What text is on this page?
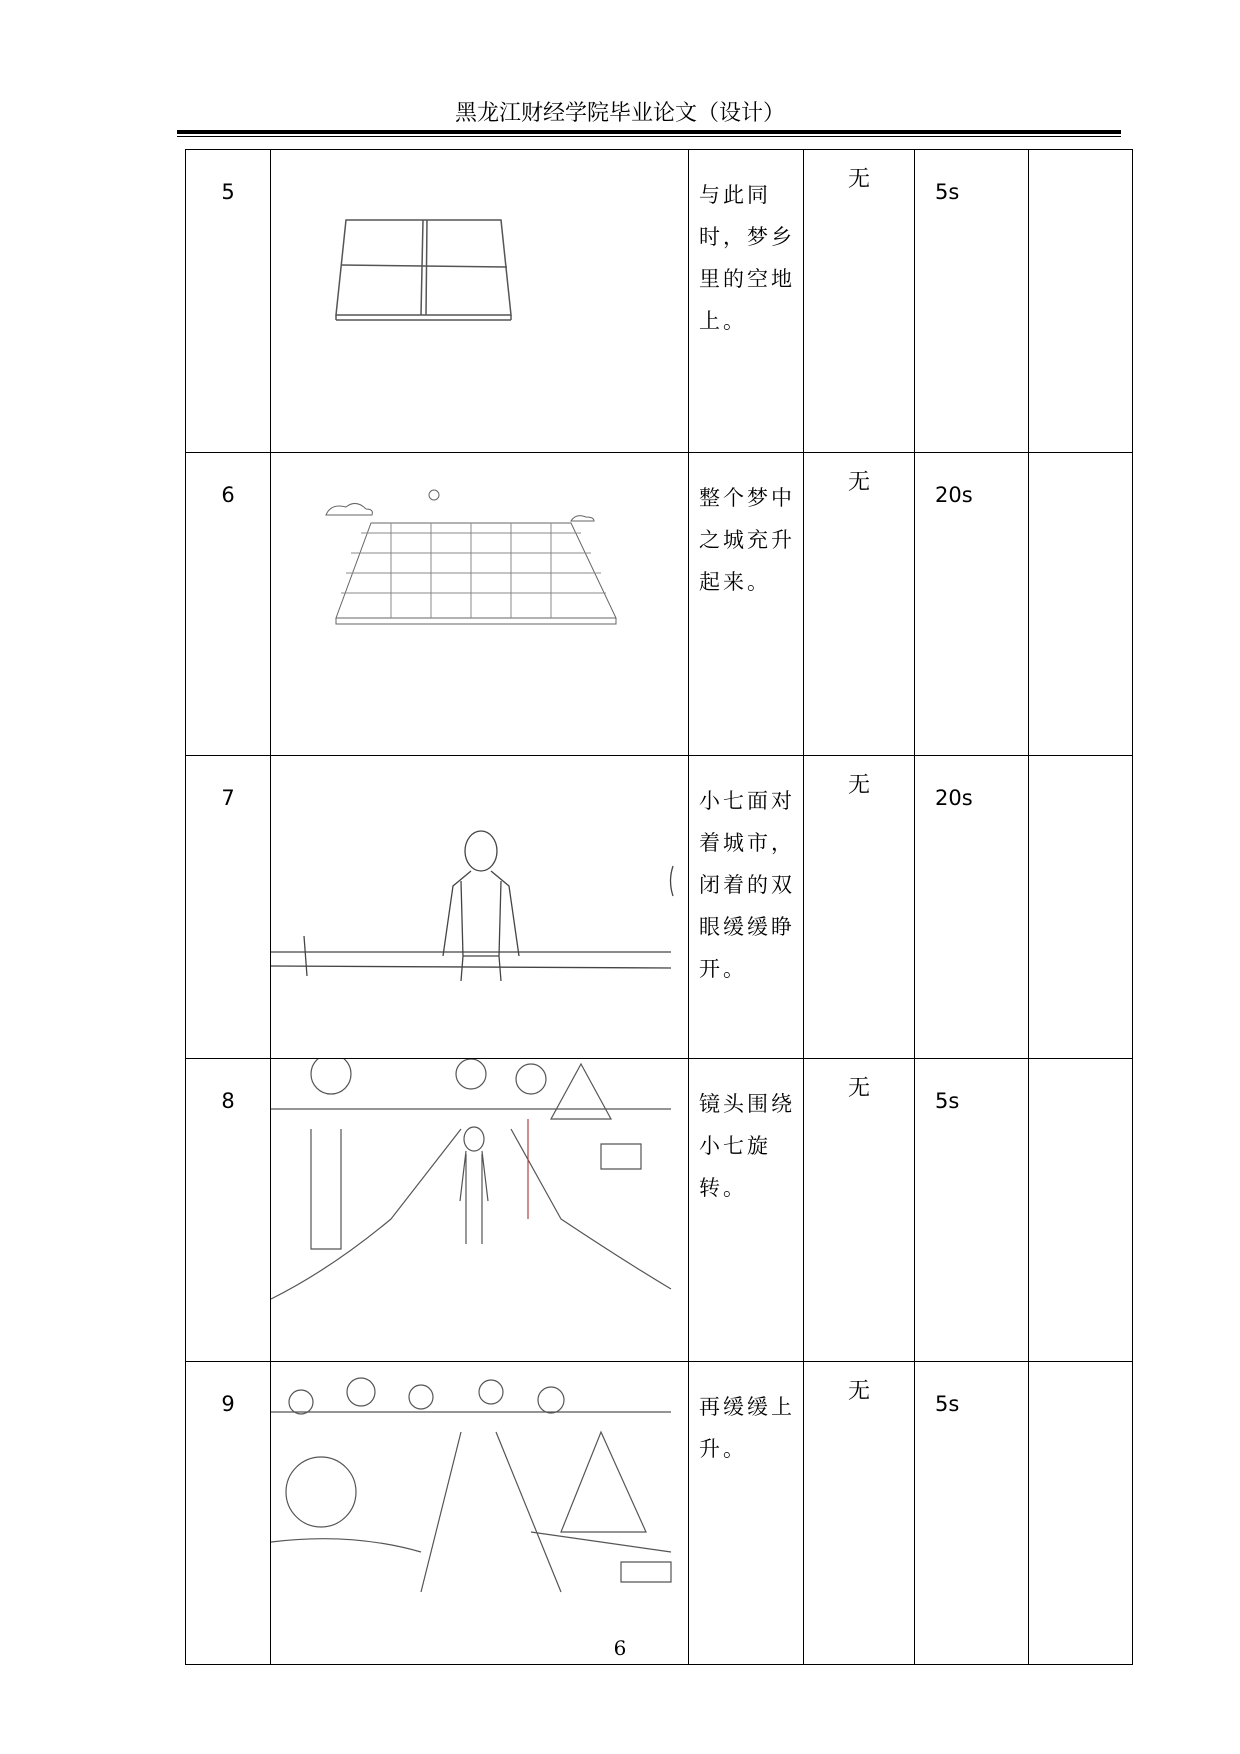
黑龙江财经学院毕业论文（设计）
5		与此同时，梦乡里的空地上。	无	5s	
6		整个梦中之城充升起来。	无	20s	
7		小七面对着城市，闭着的双眼缓缓睁开。	无	20s	
8		镜头围绕小七旋转。	无	5s	
9		再缓缓上升。	无	5s	
6
